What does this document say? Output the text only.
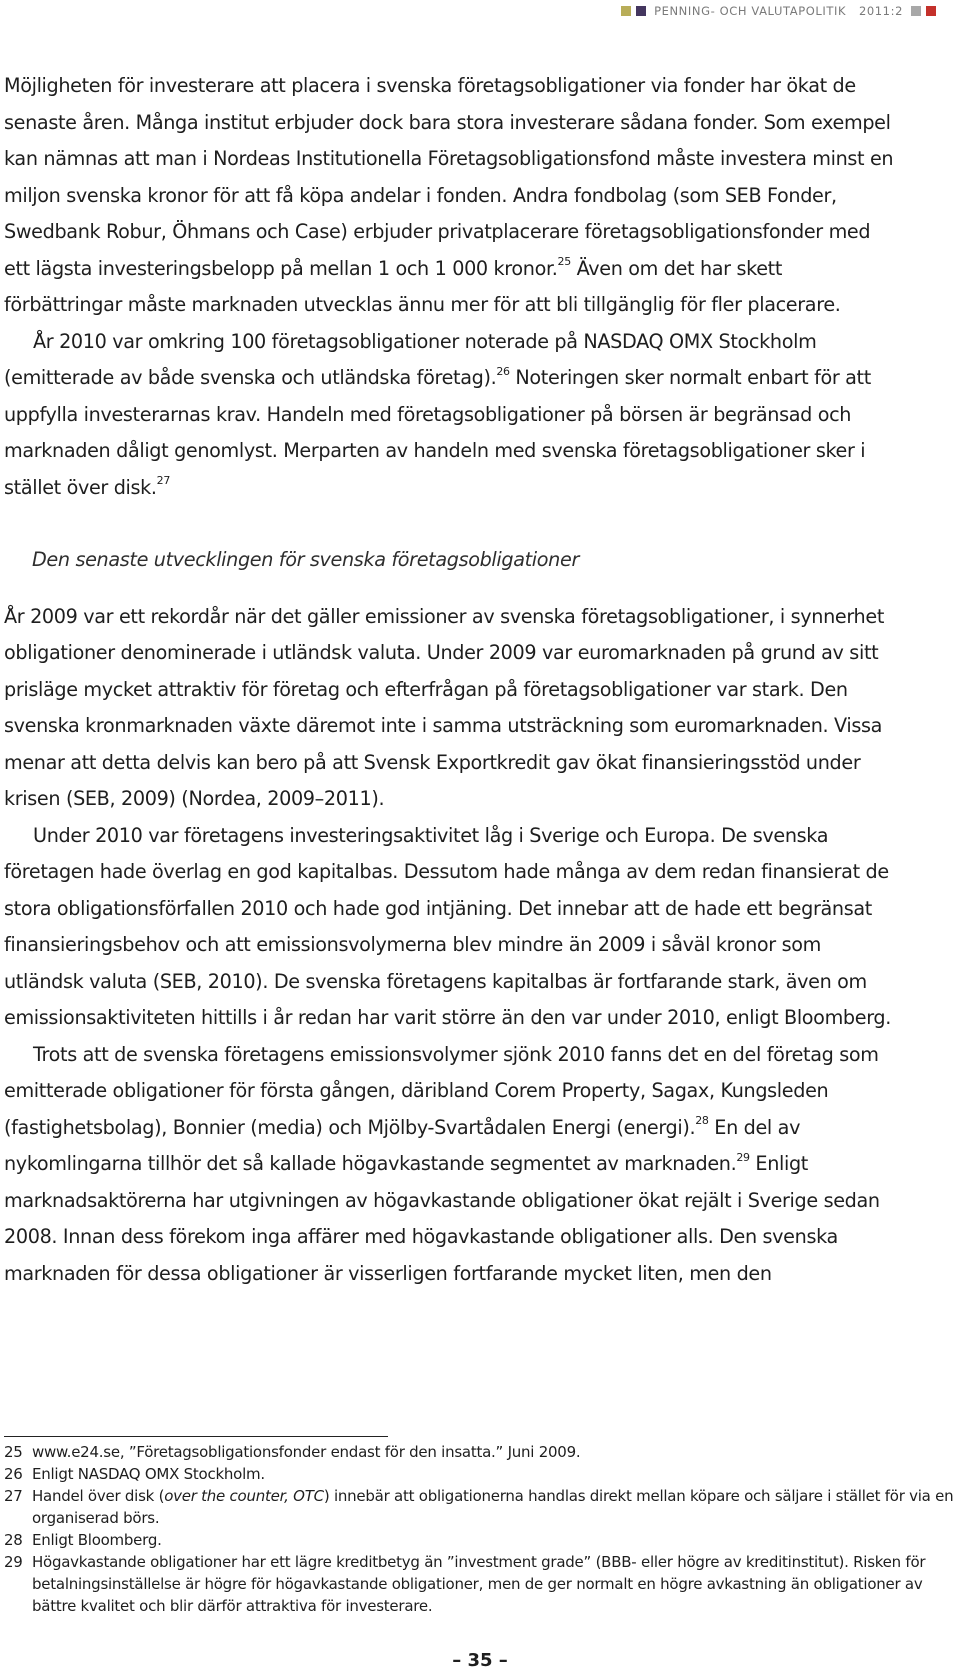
PENNING- OCH VALUTAPOLITIK 2011:2

Möjligheten för investerare att placera i svenska företagsobligationer via fonder har ökat de senaste åren. Många institut erbjuder dock bara stora investerare sådana fonder. Som exempel kan nämnas att man i Nordeas Institutionella Företagsobligationsfond måste investera minst en miljon svenska kronor för att få köpa andelar i fonden. Andra fondbolag (som SEB Fonder, Swedbank Robur, Öhmans och Case) erbjuder privatplacerare företagsobligationsfonder med ett lägsta investeringsbelopp på mellan 1 och 1 000 kronor.$^{25}$ Även om det har skett förbättringar måste marknaden utvecklas ännu mer för att bli tillgänglig för fler placerare.

År 2010 var omkring 100 företagsobligationer noterade på NASDAQ OMX Stockholm (emitterade av både svenska och utländska företag).$^{26}$ Noteringen sker normalt enbart för att uppfylla investerarnas krav. Handeln med företagsobligationer på börsen är begränsad och marknaden dåligt genomlyst. Merparten av handeln med svenska företagsobligationer sker i stället över disk.$^{27}$

Den senaste utvecklingen för svenska företagsobligationer

År 2009 var ett rekordår när det gäller emissioner av svenska företagsobligationer, i synnerhet obligationer denominerade i utländsk valuta. Under 2009 var euromarknaden på grund av sitt prisläge mycket attraktiv för företag och efterfrågan på företagsobligationer var stark. Den svenska kronmarknaden växte däremot inte i samma utsträckning som euromarknaden. Vissa menar att detta delvis kan bero på att Svensk Exportkredit gav ökat finansieringsstöd under krisen (SEB, 2009) (Nordea, 2009–2011).

Under 2010 var företagens investeringsaktivitet låg i Sverige och Europa. De svenska företagen hade överlag en god kapitalbas. Dessutom hade många av dem redan finansierat de stora obligationsförfallen 2010 och hade god intjäning. Det innebar att de hade ett begränsat finansieringsbehov och att emissionsvolymerna blev mindre än 2009 i såväl kronor som utländsk valuta (SEB, 2010). De svenska företagens kapitalbas är fortfarande stark, även om emissionsaktiviteten hittills i år redan har varit större än den var under 2010, enligt Bloomberg.

Trots att de svenska företagens emissionsvolymer sjönk 2010 fanns det en del företag som emitterade obligationer för första gången, däribland Corem Property, Sagax, Kungsleden (fastighetsbolag), Bonnier (media) och Mjölby-Svartådalen Energi (energi).$^{28}$ En del av nykomlingarna tillhör det så kallade högavkastande segmentet av marknaden.$^{29}$ Enligt marknadsaktörerna har utgivningen av högavkastande obligationer ökat rejält i Sverige sedan 2008. Innan dess förekom inga affärer med högavkastande obligationer alls. Den svenska marknaden för dessa obligationer är visserligen fortfarande mycket liten, men den

25 www.e24.se, ”Företagsobligationsfonder endast för den insatta.” Juni 2009.
26 Enligt NASDAQ OMX Stockholm.
27 Handel över disk (over the counter, OTC) innebär att obligationerna handlas direkt mellan köpare och säljare i stället för via en organiserad börs.
28 Enligt Bloomberg.
29 Högavkastande obligationer har ett lägre kreditbetyg än ”investment grade” (BBB- eller högre av kreditinstitut). Risken för betalningsinställelse är högre för högavkastande obligationer, men de ger normalt en högre avkastning än obligationer av bättre kvalitet och blir därför attraktiva för investerare.
– 35 –
